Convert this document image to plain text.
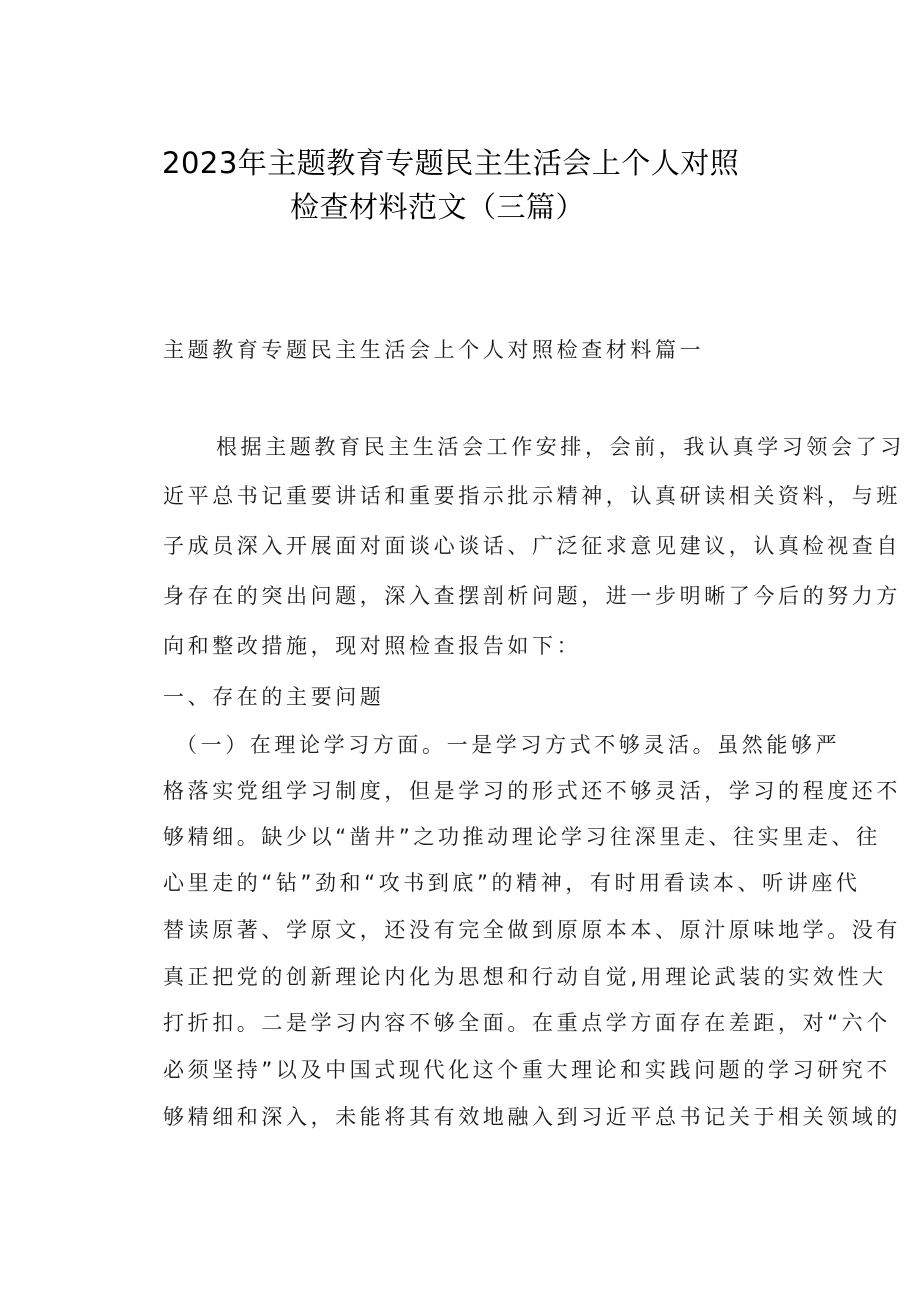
2023年主题教育专题民主生活会上个人对照
检查材料范文（三篇）
主题教育专题民主生活会上个人对照检查材料篇一
根据主题教育民主生活会工作安排，会前，我认真学习领会了习
近平总书记重要讲话和重要指示批示精神，认真研读相关资料，与班
子成员深入开展面对面谈心谈话、广泛征求意见建议，认真检视查自
身存在的突出问题，深入查摆剖析问题，进一步明晰了今后的努力方
向和整改措施，现对照检查报告如下：
一、存在的主要问题
（一）在理论学习方面。一是学习方式不够灵活。虽然能够严
格落实党组学习制度，但是学习的形式还不够灵活，学习的程度还不
够精细。缺少以“凿井”之功推动理论学习往深里走、往实里走、往
心里走的“钻”劲和“攻书到底”的精神，有时用看读本、听讲座代
替读原著、学原文，还没有完全做到原原本本、原汁原味地学。没有
真正把党的创新理论内化为思想和行动自觉,用理论武装的实效性大
打折扣。二是学习内容不够全面。在重点学方面存在差距，对“六个
必须坚持”以及中国式现代化这个重大理论和实践问题的学习研究不
够精细和深入，未能将其有效地融入到习近平总书记关于相关领域的
